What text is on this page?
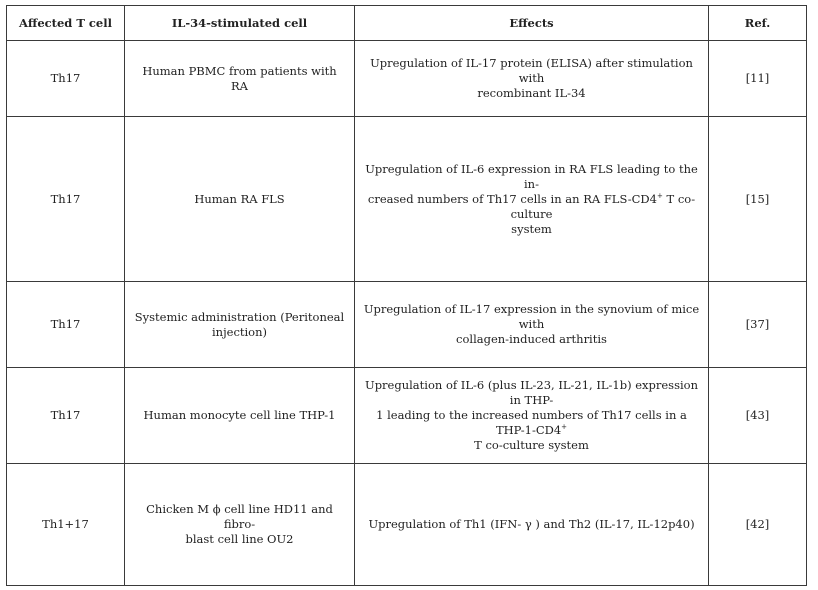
Affected T cell	IL-34-stimulated cell	Effects	Ref.
Th17	Human PBMC from patients with RA	Upregulation of IL-17 protein (ELISA) after stimulation with
recombinant IL-34	[11]
Th17	Human RA FLS	Upregulation of IL-6 expression in RA FLS leading to the in-
creased numbers of Th17 cells in an RA FLS-CD4+ T co-culture
system	[15]
Th17	Systemic administration (Peritoneal
injection)	Upregulation of IL-17 expression in the synovium of mice with
collagen-induced arthritis	[37]
Th17	Human monocyte cell line THP-1	Upregulation of IL-6 (plus IL-23, IL-21, IL-1b) expression in THP-
1 leading to the increased numbers of Th17 cells in a THP-1-CD4+
T co-culture system	[43]
Th1+17	Chicken M ϕ cell line HD11 and fibro-
blast cell line OU2	Upregulation of Th1 (IFN- γ ) and Th2 (IL-17, IL-12p40)	[42]
